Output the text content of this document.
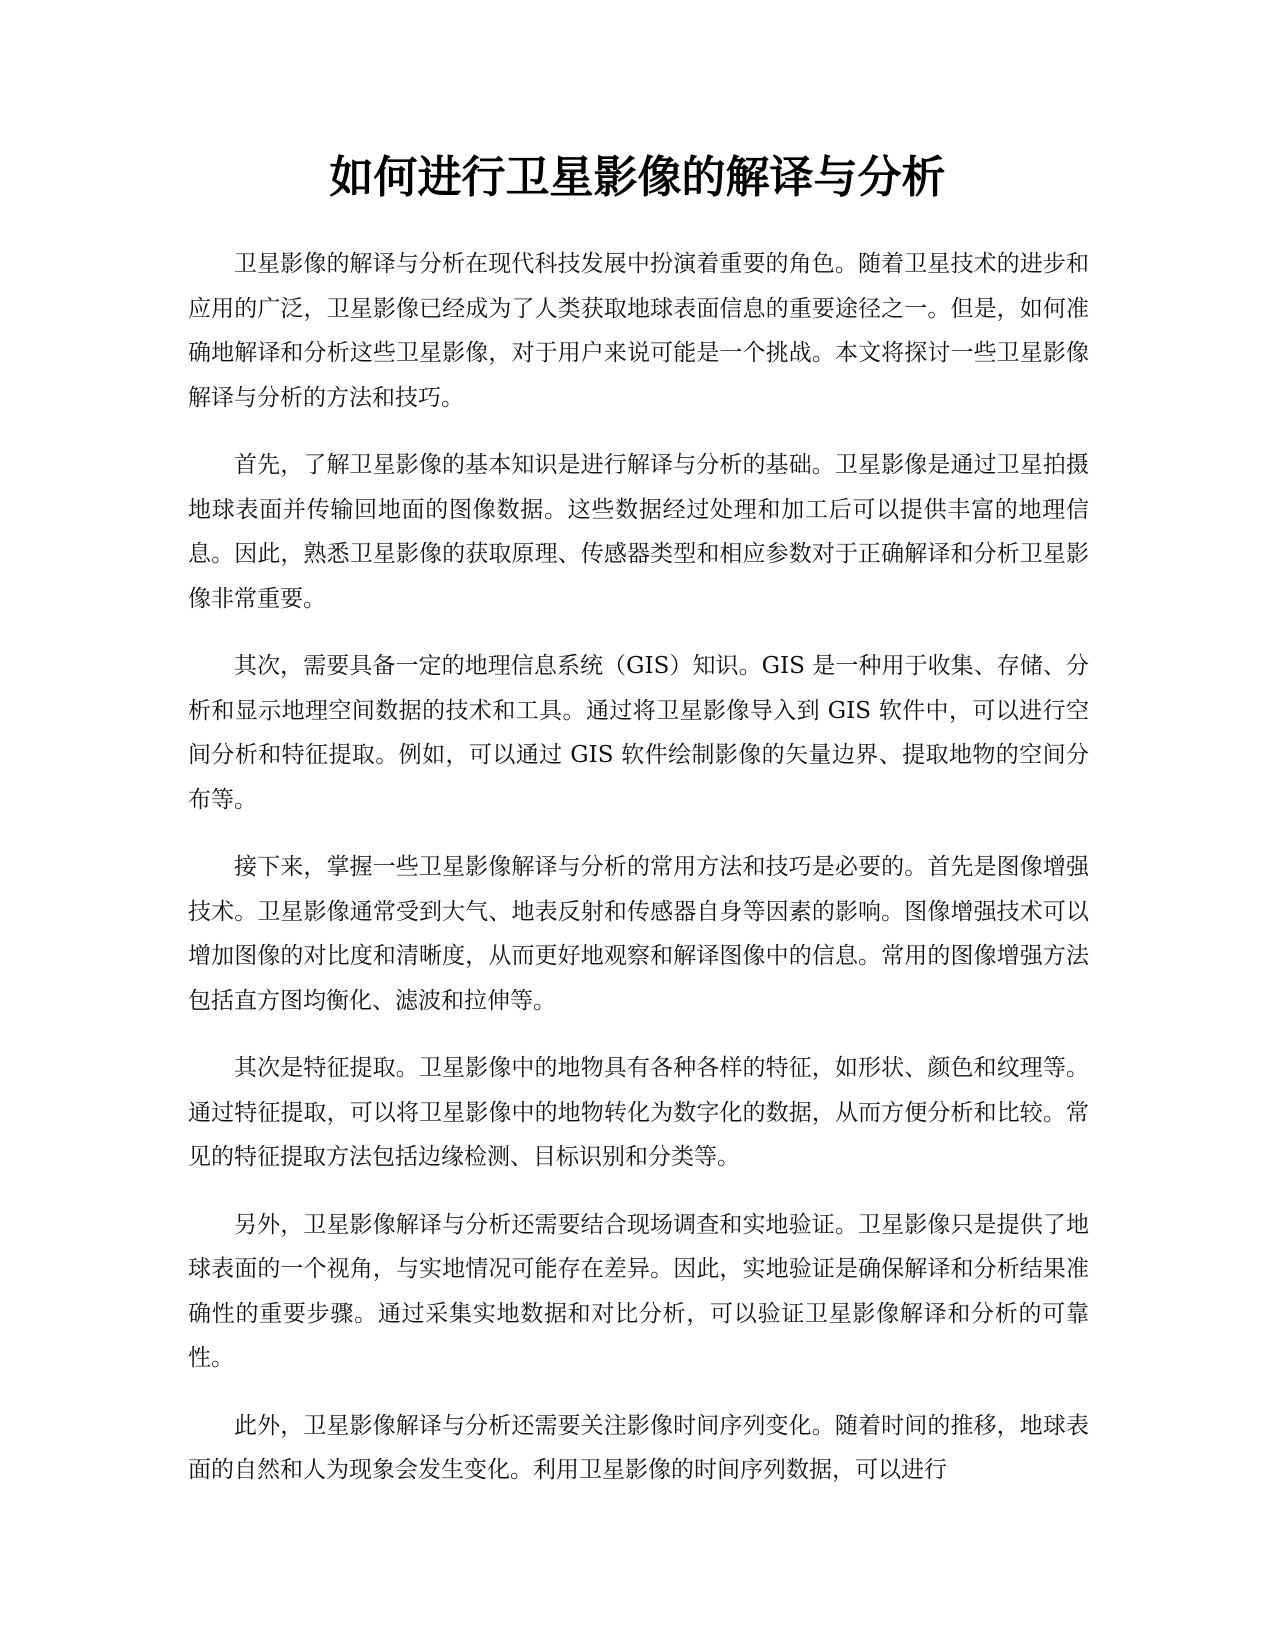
如何进行卫星影像的解译与分析

卫星影像的解译与分析在现代科技发展中扮演着重要的角色。随着卫星技术的进步和应用的广泛，卫星影像已经成为了人类获取地球表面信息的重要途径之一。但是，如何准确地解译和分析这些卫星影像，对于用户来说可能是一个挑战。本文将探讨一些卫星影像解译与分析的方法和技巧。

首先，了解卫星影像的基本知识是进行解译与分析的基础。卫星影像是通过卫星拍摄地球表面并传输回地面的图像数据。这些数据经过处理和加工后可以提供丰富的地理信息。因此，熟悉卫星影像的获取原理、传感器类型和相应参数对于正确解译和分析卫星影像非常重要。

其次，需要具备一定的地理信息系统（GIS）知识。GIS 是一种用于收集、存储、分析和显示地理空间数据的技术和工具。通过将卫星影像导入到 GIS 软件中，可以进行空间分析和特征提取。例如，可以通过 GIS 软件绘制影像的矢量边界、提取地物的空间分布等。

接下来，掌握一些卫星影像解译与分析的常用方法和技巧是必要的。首先是图像增强技术。卫星影像通常受到大气、地表反射和传感器自身等因素的影响。图像增强技术可以增加图像的对比度和清晰度，从而更好地观察和解译图像中的信息。常用的图像增强方法包括直方图均衡化、滤波和拉伸等。

其次是特征提取。卫星影像中的地物具有各种各样的特征，如形状、颜色和纹理等。通过特征提取，可以将卫星影像中的地物转化为数字化的数据，从而方便分析和比较。常见的特征提取方法包括边缘检测、目标识别和分类等。

另外，卫星影像解译与分析还需要结合现场调查和实地验证。卫星影像只是提供了地球表面的一个视角，与实地情况可能存在差异。因此，实地验证是确保解译和分析结果准确性的重要步骤。通过采集实地数据和对比分析，可以验证卫星影像解译和分析的可靠性。

此外，卫星影像解译与分析还需要关注影像时间序列变化。随着时间的推移，地球表面的自然和人为现象会发生变化。利用卫星影像的时间序列数据，可以进行
